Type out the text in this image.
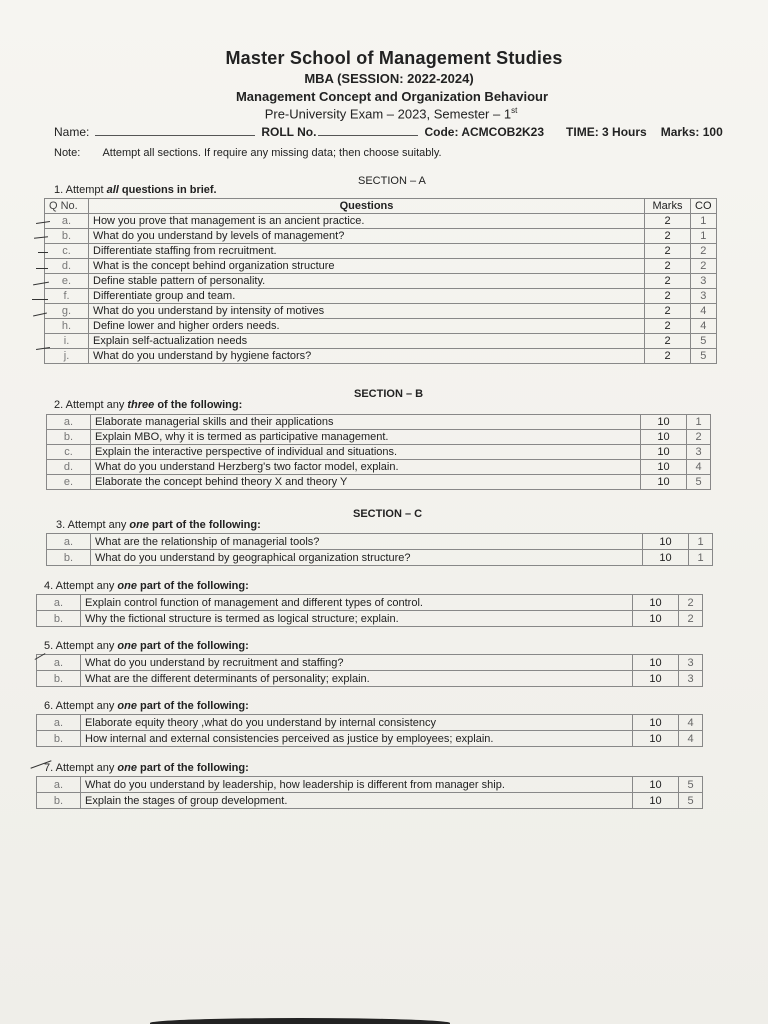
Master School of Management Studies
MBA (SESSION: 2022-2024)
Management Concept and Organization Behaviour
Pre-University Exam – 2023, Semester – 1st
Name:	ROLL No.	Code: ACMCOB2K23 TIME: 3 Hours Marks: 100
Note: Attempt all sections. If require any missing data; then choose suitably.
SECTION – A
1. Attempt all questions in brief.
Q No.	Questions	Marks	CO
a.	How you prove that management is an ancient practice.	2	1
b.	What do you understand by levels of management?	2	1
c.	Differentiate staffing from recruitment.	2	2
d.	What is the concept behind organization structure	2	2
e.	Define stable pattern of personality.	2	3
f.	Differentiate group and team.	2	3
g.	What do you understand by intensity of motives	2	4
h.	Define lower and higher orders needs.	2	4
i.	Explain self-actualization needs	2	5
j.	What do you understand by hygiene factors?	2	5
SECTION – B
2. Attempt any three of the following:
a.	Elaborate managerial skills and their applications	10	1
b.	Explain MBO, why it is termed as participative management.	10	2
c.	Explain the interactive perspective of individual and situations.	10	3
d.	What do you understand Herzberg's two factor model, explain.	10	4
e.	Elaborate the concept behind theory X and theory Y	10	5
SECTION – C
3. Attempt any one part of the following:
a.	What are the relationship of managerial tools?	10	1
b.	What do you understand by geographical organization structure?	10	1
4. Attempt any one part of the following:
a.	Explain control function of management and different types of control.	10	2
b.	Why the fictional structure is termed as logical structure; explain.	10	2
5. Attempt any one part of the following:
a.	What do you understand by recruitment and staffing?	10	3
b.	What are the different determinants of personality; explain.	10	3
6. Attempt any one part of the following:
a.	Elaborate equity theory ,what do you understand by internal consistency	10	4
b.	How internal and external consistencies perceived as justice by employees; explain.	10	4
7. Attempt any one part of the following:
a.	What do you understand by leadership, how leadership is different from manager ship.	10	5
b.	Explain the stages of group development.	10	5
